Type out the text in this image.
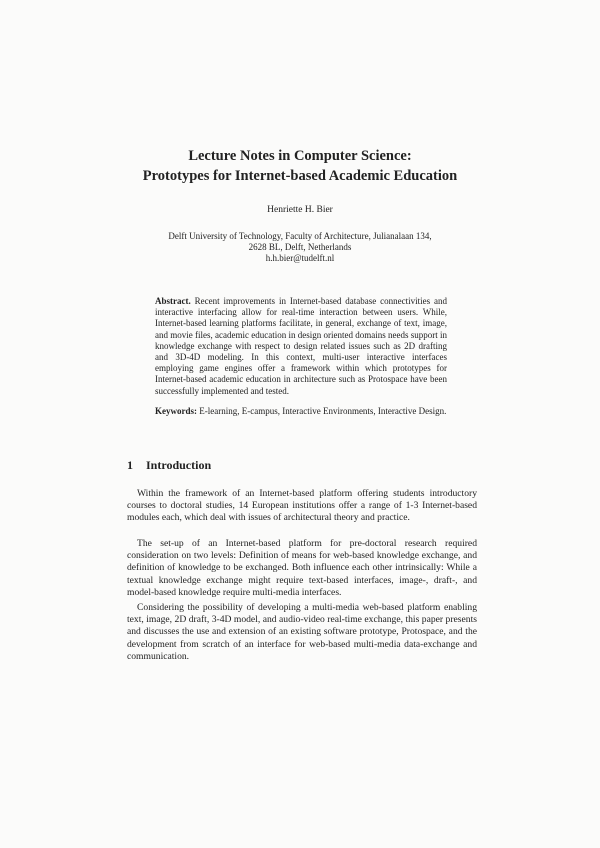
Lecture Notes in Computer Science:
Prototypes for Internet-based Academic Education
Henriette H. Bier
Delft University of Technology, Faculty of Architecture, Julianalaan 134,
2628 BL, Delft, Netherlands
h.h.bier@tudelft.nl
Abstract. Recent improvements in Internet-based database connectivities and interactive interfacing allow for real-time interaction between users. While, Internet-based learning platforms facilitate, in general, exchange of text, image, and movie files, academic education in design oriented domains needs support in knowledge exchange with respect to design related issues such as 2D drafting and 3D-4D modeling. In this context, multi-user interactive interfaces employing game engines offer a framework within which prototypes for Internet-based academic education in architecture such as Protospace have been successfully implemented and tested.
Keywords: E-learning, E-campus, Interactive Environments, Interactive Design.
1 Introduction
Within the framework of an Internet-based platform offering students introductory courses to doctoral studies, 14 European institutions offer a range of 1-3 Internet-based modules each, which deal with issues of architectural theory and practice.
The set-up of an Internet-based platform for pre-doctoral research required consideration on two levels: Definition of means for web-based knowledge exchange, and definition of knowledge to be exchanged. Both influence each other intrinsically: While a textual knowledge exchange might require text-based interfaces, image-, draft-, and model-based knowledge require multi-media interfaces.
Considering the possibility of developing a multi-media web-based platform enabling text, image, 2D draft, 3-4D model, and audio-video real-time exchange, this paper presents and discusses the use and extension of an existing software prototype, Protospace, and the development from scratch of an interface for web-based multi-media data-exchange and communication.
